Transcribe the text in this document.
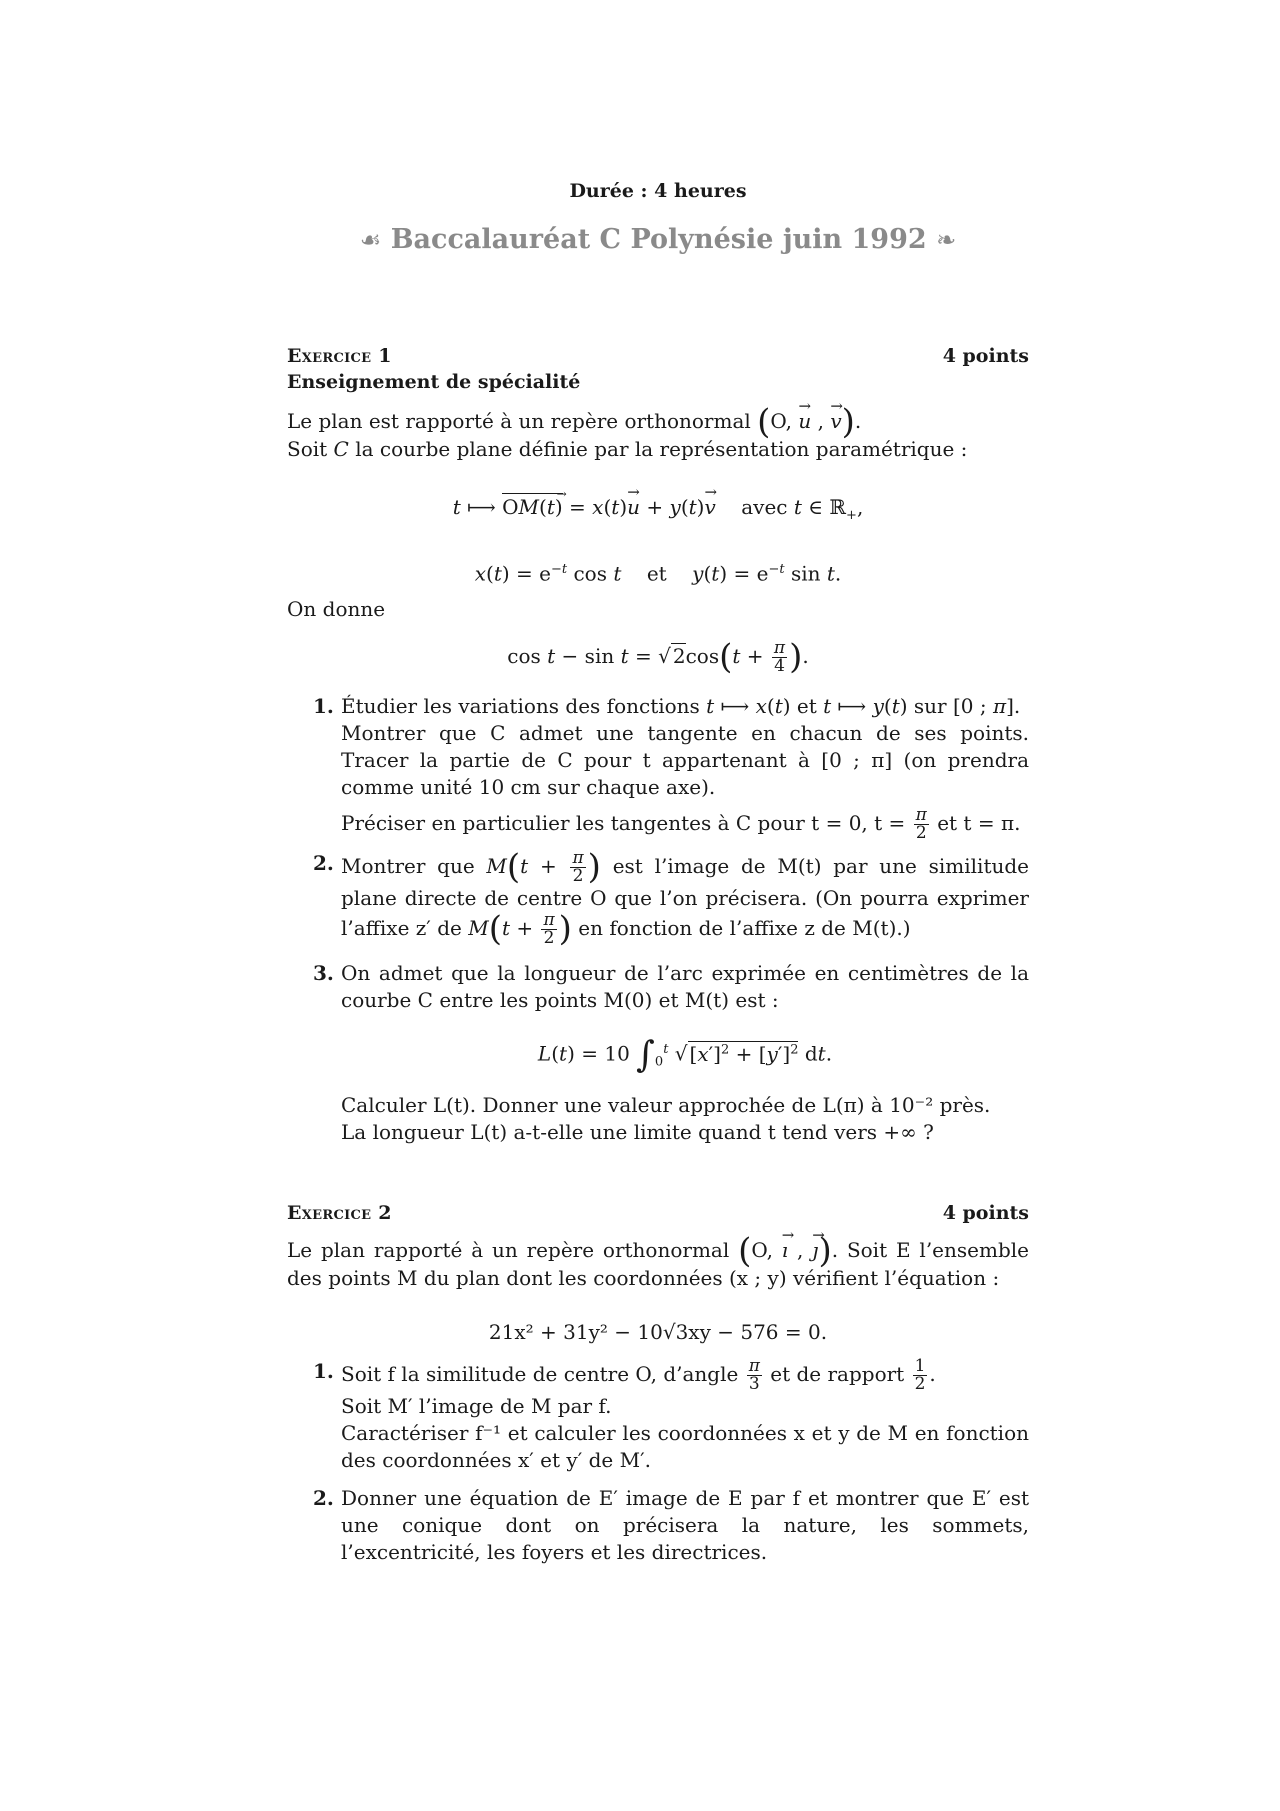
Durée : 4 heures
☙ Baccalauréat C Polynésie juin 1992 ❧
Exercice 1	4 points
Enseignement de spécialité
Le plan est rapporté à un repère orthonormal (O, → u , → v).
Soit C la courbe plane définie par la représentation paramétrique :
t ⟼ OM(t) → = x(t)→ u + y(t)→ v avec t ∈ ℝ$_+$,
$x(t) = e^{-t}$ cos t et $y(t) = e^{-t}$ sin t.
On donne
cos t − sin t = √ $2\cos(t + \frac{\pi}{4}$ ).
1. Étudier les variations des fonctions t ⟼ x(t) et t ⟼ y(t) sur [0 ; π].
Montrer que C admet une tangente en chacun de ses points. Tracer la partie de C pour t appartenant à [0 ; π] (on prendra comme unité 10 cm sur chaque axe).
Préciser en particulier les tangentes à C pour t = 0, $t = \frac{\pi}{2}$ et t = π.
2. Montrer que $M(t + \frac{\pi}{2}$ ) est l’image de M(t) par une similitude plane directe de centre O que l’on précisera. (On pourra exprimer l’affixe z′ de $M(t + \frac{\pi}{2}$ ) en fonction de l’affixe z de M(t).)
3. On admet que la longueur de l’arc exprimée en centimètres de la courbe C entre les points M(0) et M(t) est :
L(t) = 10 $\int_0^t$ √ $[x']^2 + [y']^2$ dt.
Calculer L(t). Donner une valeur approchée de L(π) à 10⁻² près.
La longueur L(t) a-t-elle une limite quand t tend vers +∞ ?
Exercice 2	4 points
Le plan rapporté à un repère orthonormal (O, → ı , → ȷ). Soit E l’ensemble des points M du plan dont les coordonnées (x ; y) vérifient l’équation :
21x² + 31y² − 10√3xy − 576 = 0.
1. Soit f la similitude de centre O, d’angle $\frac{\pi}{3}$ et de rapport $\frac{1}{2}$ .
Soit M′ l’image de M par f.
Caractériser f⁻¹ et calculer les coordonnées x et y de M en fonction des coordonnées x′ et y′ de M′.
2. Donner une équation de E′ image de E par f et montrer que E′ est une conique dont on précisera la nature, les sommets, l’excentricité, les foyers et les directrices.
